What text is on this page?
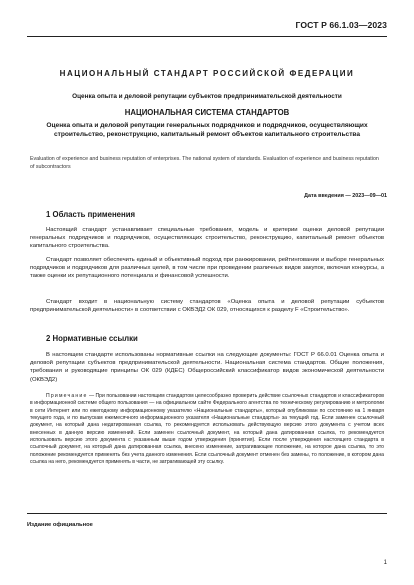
ГОСТ Р 66.1.03—2023
НАЦИОНАЛЬНЫЙ СТАНДАРТ РОССИЙСКОЙ ФЕДЕРАЦИИ
Оценка опыта и деловой репутации субъектов предпринимательской деятельности
НАЦИОНАЛЬНАЯ СИСТЕМА СТАНДАРТОВ
Оценка опыта и деловой репутации генеральных подрядчиков и подрядчиков, осуществляющих строительство, реконструкцию, капитальный ремонт объектов капитального строительства
Evaluation of experience and business reputation of enterprises. The national system of standards. Evaluation of experience and business reputation of subcontractors
Дата введения — 2023—09—01
1 Область применения
Настоящий стандарт устанавливает специальные требования, модель и критерии оценки деловой репутации генеральных подрядчиков и подрядчиков, осуществляющих строительство, реконструкцию, капитальный ремонт объектов капитального строительства.
Стандарт позволяет обеспечить единый и объективный подход при ранжировании, рейтинговании и выборе генеральных подрядчиков и подрядчиков для различных целей, в том числе при проведении различных видов закупок, включая конкурсы, а также оценки их репутационного потенциала и финансовой успешности.
Стандарт входит в национальную систему стандартов «Оценка опыта и деловой репутации субъектов предпринимательской деятельности» в соответствии с ОКВЭД2 ОК 029, относящихся к разделу F «Строительство».
2 Нормативные ссылки
В настоящем стандарте использованы нормативные ссылки на следующие документы: ГОСТ Р 66.0.01 Оценка опыта и деловой репутации субъектов предпринимательской деятельности. Национальная система стандартов. Общие положения, требования и руководящие принципы ОК 029 (КДЕС) Общероссийский классификатор видов экономической деятельности (ОКВЭД2)
Примечание — При пользовании настоящим стандартом целесообразно проверить действие ссылочных стандартов и классификаторов в информационной системе общего пользования — на официальном сайте Федерального агентства по техническому регулированию и метрологии в сети Интернет или по ежегодному информационному указателю «Национальные стандарты», который опубликован по состоянию на 1 января текущего года, и по выпускам ежемесячного информационного указателя «Национальные стандарты» за текущий год. Если заменен ссылочный документ, на который дана недатированная ссылка, то рекомендуется использовать действующую версию этого документа с учетом всех внесенных в данную версию изменений. Если заменен ссылочный документ, на который дана датированная ссылка, то рекомендуется использовать версию этого документа с указанным выше годом утверждения (принятия). Если после утверждения настоящего стандарта в ссылочный документ, на который дана датированная ссылка, внесено изменение, затрагивающее положение, на которое дана ссылка, то это положение рекомендуется применять без учета данного изменения. Если ссылочный документ отменен без замены, то положение, в котором дана ссылка на него, рекомендуется применять в части, не затрагивающей эту ссылку.
Издание официальное
1
